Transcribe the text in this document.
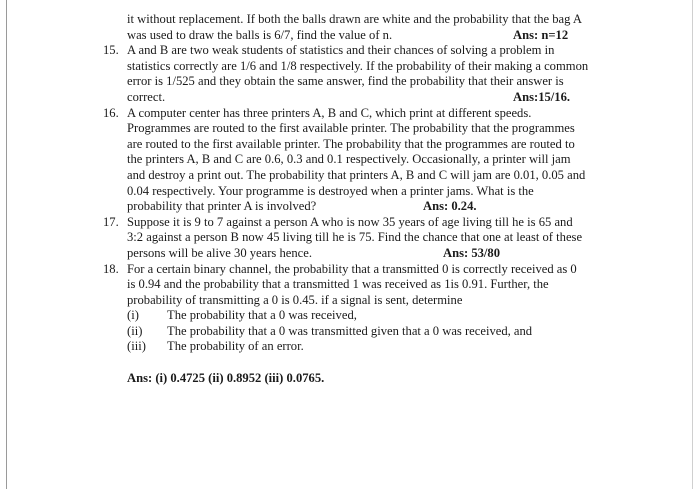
it without replacement. If both the balls drawn are white and the probability that the bag A
was used to draw the balls is 6/7, find the value of n.	Ans: n=12
15. A and B are two weak students of statistics and their chances of solving a problem in
statistics correctly are 1/6 and 1/8 respectively. If the probability of their making a common
error is 1/525 and they obtain the same answer, find the probability that their answer is
correct.	Ans:15/16.
16. A computer center has three printers A, B and C, which print at different speeds.
Programmes are routed to the first available printer. The probability that the programmes
are routed to the first available printer. The probability that the programmes are routed to
the printers A, B and C are 0.6, 0.3 and 0.1 respectively. Occasionally, a printer will jam
and destroy a print out. The probability that printers A, B and C will jam are 0.01, 0.05 and
0.04 respectively. Your programme is destroyed when a printer jams. What is the
probability that printer A is involved?	Ans: 0.24.
17. Suppose it is 9 to 7 against a person A who is now 35 years of age living till he is 65 and
3:2 against a person B now 45 living till he is 75. Find the chance that one at least of these
persons will be alive 30 years hence.	Ans: 53/80
18. For a certain binary channel, the probability that a transmitted 0 is correctly received as 0
is 0.94 and the probability that a transmitted 1 was received as 1is 0.91. Further, the
probability of transmitting a 0 is 0.45. if a signal is sent, determine
(i)	The probability that a 0 was received,
(ii)	The probability that a 0 was transmitted given that a 0 was received, and
(iii)	The probability of an error.
Ans: (i) 0.4725 (ii) 0.8952 (iii) 0.0765.
